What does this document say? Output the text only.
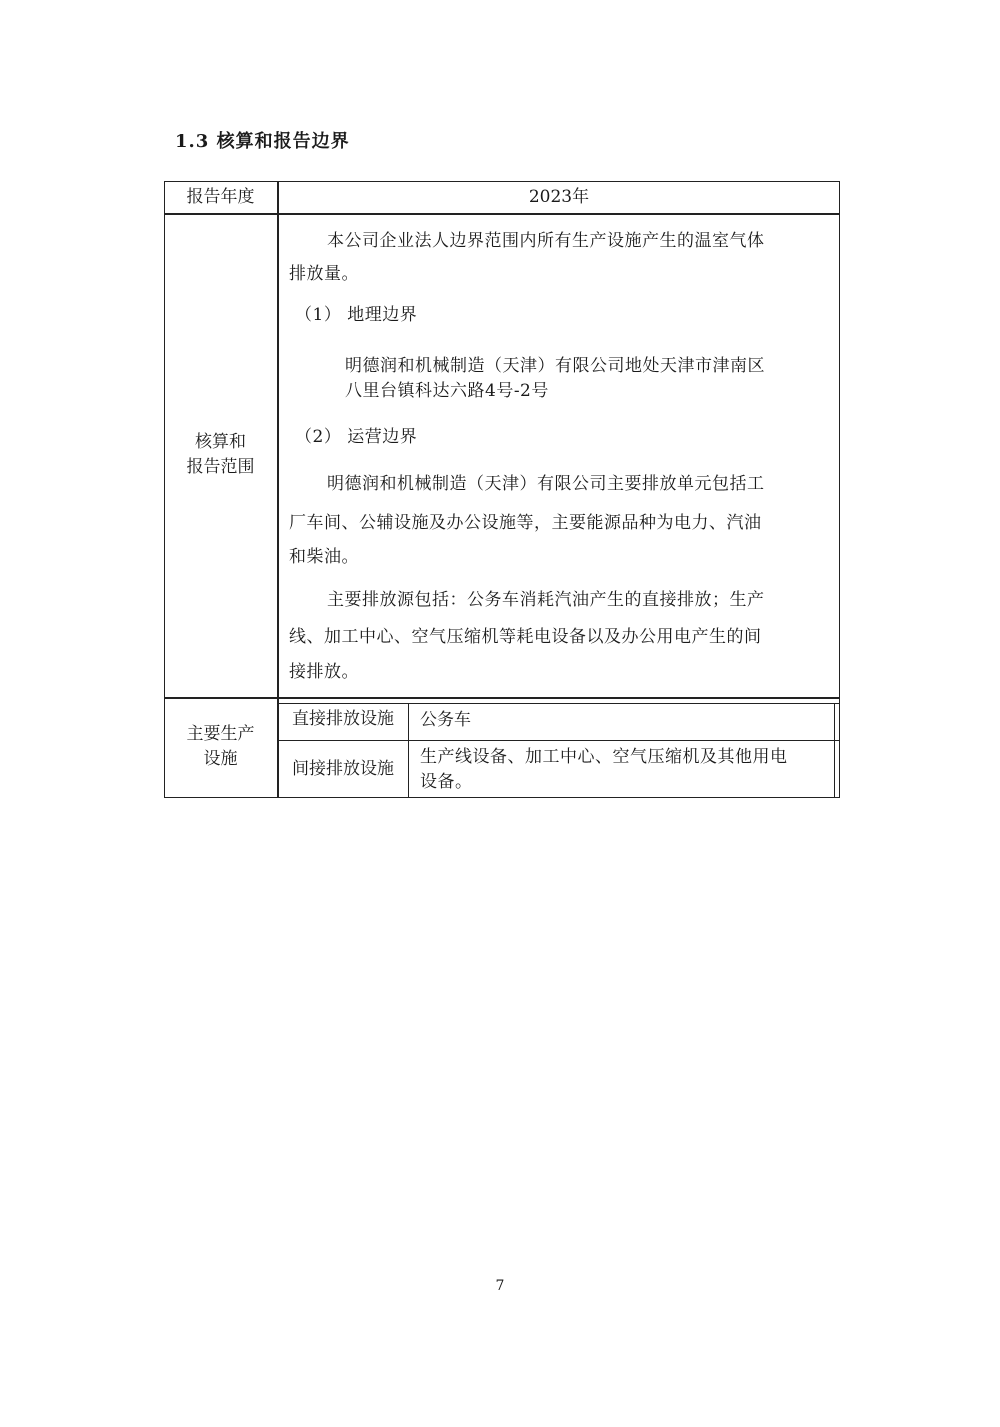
1.3 核算和报告边界
报告年度	2023年
核算和
报告范围
本公司企业法人边界范围内所有生产设施产生的温室气体
排放量。
（1） 地理边界
明德润和机械制造（天津）有限公司地处天津市津南区
八里台镇科达六路4号-2号
（2） 运营边界
明德润和机械制造（天津）有限公司主要排放单元包括工
厂车间、公辅设施及办公设施等，主要能源品种为电力、汽油
和柴油。
主要排放源包括：公务车消耗汽油产生的直接排放；生产
线、加工中心、空气压缩机等耗电设备以及办公用电产生的间
接排放。
主要生产
设施
直接排放设施	公务车
间接排放设施
生产线设备、加工中心、空气压缩机及其他用电
设备。
7
